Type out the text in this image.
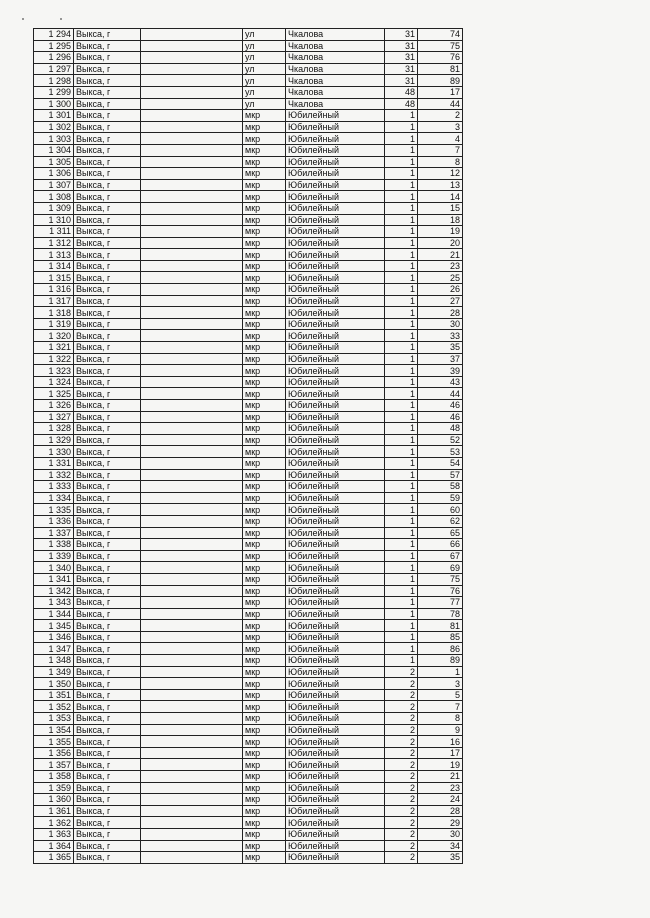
1 294	Выкса, г		ул	Чкалова	31	74
1 295	Выкса, г		ул	Чкалова	31	75
1 296	Выкса, г		ул	Чкалова	31	76
1 297	Выкса, г		ул	Чкалова	31	81
1 298	Выкса, г		ул	Чкалова	31	89
1 299	Выкса, г		ул	Чкалова	48	17
1 300	Выкса, г		ул	Чкалова	48	44
1 301	Выкса, г		мкр	Юбилейный	1	2
1 302	Выкса, г		мкр	Юбилейный	1	3
1 303	Выкса, г		мкр	Юбилейный	1	4
1 304	Выкса, г		мкр	Юбилейный	1	7
1 305	Выкса, г		мкр	Юбилейный	1	8
1 306	Выкса, г		мкр	Юбилейный	1	12
1 307	Выкса, г		мкр	Юбилейный	1	13
1 308	Выкса, г		мкр	Юбилейный	1	14
1 309	Выкса, г		мкр	Юбилейный	1	15
1 310	Выкса, г		мкр	Юбилейный	1	18
1 311	Выкса, г		мкр	Юбилейный	1	19
1 312	Выкса, г		мкр	Юбилейный	1	20
1 313	Выкса, г		мкр	Юбилейный	1	21
1 314	Выкса, г		мкр	Юбилейный	1	23
1 315	Выкса, г		мкр	Юбилейный	1	25
1 316	Выкса, г		мкр	Юбилейный	1	26
1 317	Выкса, г		мкр	Юбилейный	1	27
1 318	Выкса, г		мкр	Юбилейный	1	28
1 319	Выкса, г		мкр	Юбилейный	1	30
1 320	Выкса, г		мкр	Юбилейный	1	33
1 321	Выкса, г		мкр	Юбилейный	1	35
1 322	Выкса, г		мкр	Юбилейный	1	37
1 323	Выкса, г		мкр	Юбилейный	1	39
1 324	Выкса, г		мкр	Юбилейный	1	43
1 325	Выкса, г		мкр	Юбилейный	1	44
1 326	Выкса, г		мкр	Юбилейный	1	46
1 327	Выкса, г		мкр	Юбилейный	1	46
1 328	Выкса, г		мкр	Юбилейный	1	48
1 329	Выкса, г		мкр	Юбилейный	1	52
1 330	Выкса, г		мкр	Юбилейный	1	53
1 331	Выкса, г		мкр	Юбилейный	1	54
1 332	Выкса, г		мкр	Юбилейный	1	57
1 333	Выкса, г		мкр	Юбилейный	1	58
1 334	Выкса, г		мкр	Юбилейный	1	59
1 335	Выкса, г		мкр	Юбилейный	1	60
1 336	Выкса, г		мкр	Юбилейный	1	62
1 337	Выкса, г		мкр	Юбилейный	1	65
1 338	Выкса, г		мкр	Юбилейный	1	66
1 339	Выкса, г		мкр	Юбилейный	1	67
1 340	Выкса, г		мкр	Юбилейный	1	69
1 341	Выкса, г		мкр	Юбилейный	1	75
1 342	Выкса, г		мкр	Юбилейный	1	76
1 343	Выкса, г		мкр	Юбилейный	1	77
1 344	Выкса, г		мкр	Юбилейный	1	78
1 345	Выкса, г		мкр	Юбилейный	1	81
1 346	Выкса, г		мкр	Юбилейный	1	85
1 347	Выкса, г		мкр	Юбилейный	1	86
1 348	Выкса, г		мкр	Юбилейный	1	89
1 349	Выкса, г		мкр	Юбилейный	2	1
1 350	Выкса, г		мкр	Юбилейный	2	3
1 351	Выкса, г		мкр	Юбилейный	2	5
1 352	Выкса, г		мкр	Юбилейный	2	7
1 353	Выкса, г		мкр	Юбилейный	2	8
1 354	Выкса, г		мкр	Юбилейный	2	9
1 355	Выкса, г		мкр	Юбилейный	2	16
1 356	Выкса, г		мкр	Юбилейный	2	17
1 357	Выкса, г		мкр	Юбилейный	2	19
1 358	Выкса, г		мкр	Юбилейный	2	21
1 359	Выкса, г		мкр	Юбилейный	2	23
1 360	Выкса, г		мкр	Юбилейный	2	24
1 361	Выкса, г		мкр	Юбилейный	2	28
1 362	Выкса, г		мкр	Юбилейный	2	29
1 363	Выкса, г		мкр	Юбилейный	2	30
1 364	Выкса, г		мкр	Юбилейный	2	34
1 365	Выкса, г		мкр	Юбилейный	2	35
